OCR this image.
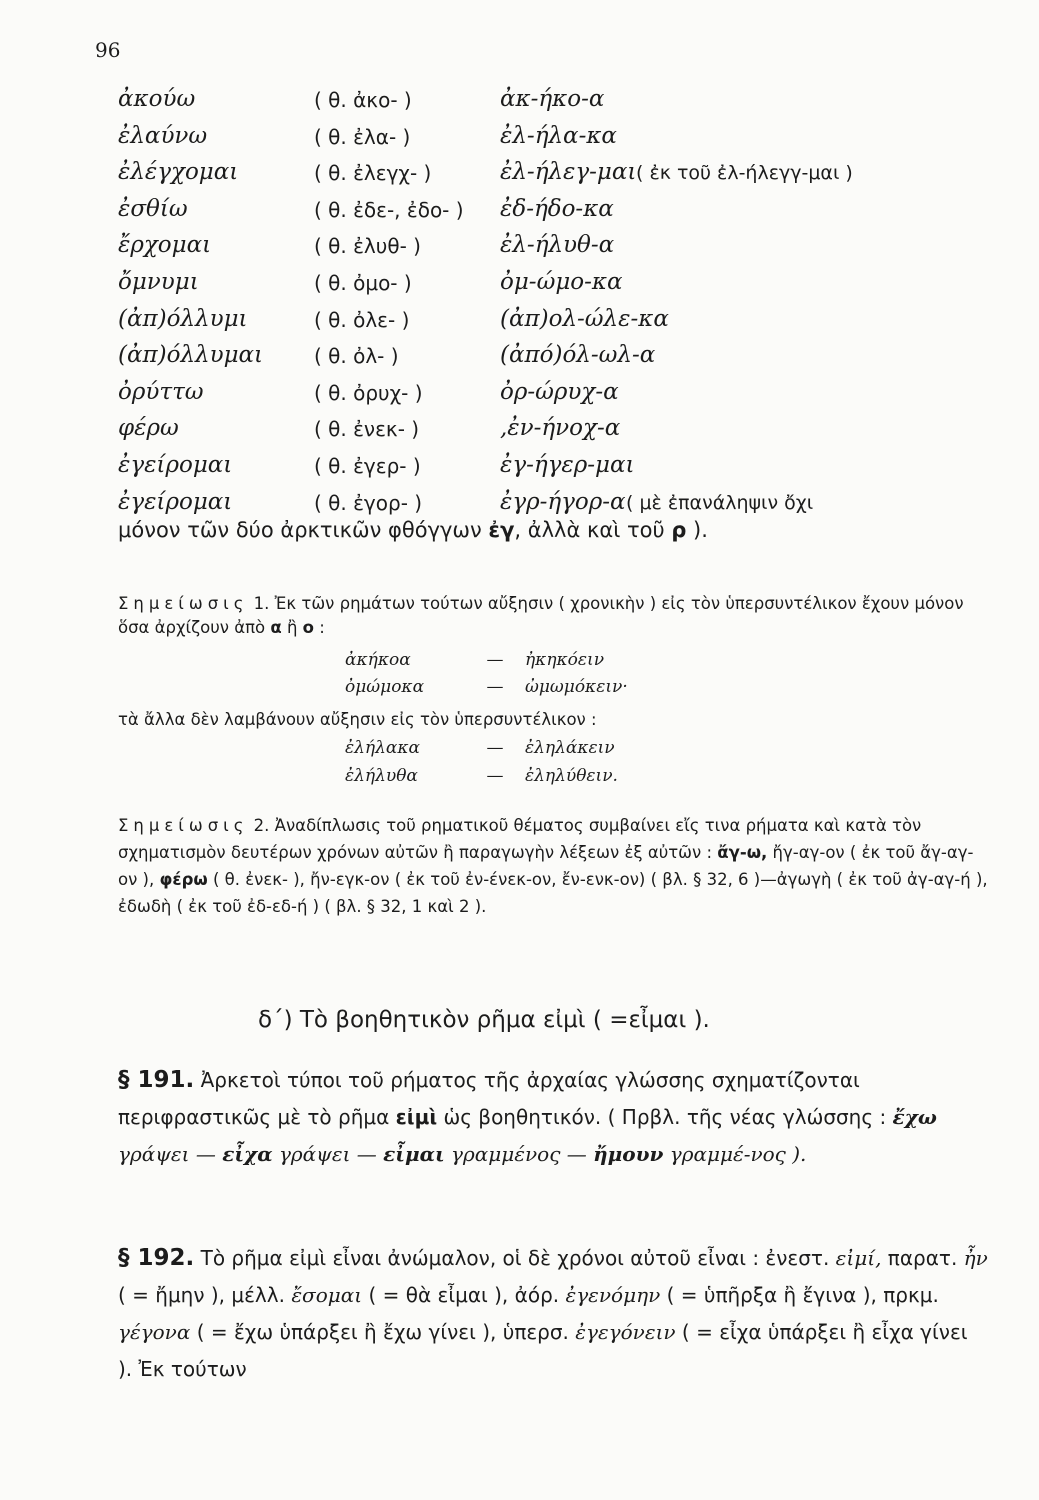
96
ἀκούω	( θ. ἀκο- )	ἀκ-ήκο-α
ἐλαύνω	( θ. ἐλα- )	ἐλ-ήλα-κα
ἐλέγχομαι	( θ. ἐλεγχ- )	ἐλ-ήλεγ-μαι ( ἐκ τοῦ ἐλ-ήλεγγ-μαι )
ἐσθίω	( θ. ἐδε-, ἐδο- ) ἐδ-ήδο-κα
ἔρχομαι	( θ. ἐλυθ- )	ἐλ-ήλυθ-α
ὄμνυμι	( θ. ὀμο- )	ὀμ-ώμο-κα
(ἀπ)όλλυμι	( θ. ὀλε- )	(ἀπ)ολ-ώλε-κα
(ἀπ)όλλυμαι	( θ. ὀλ- )	(ἀπό)όλ-ωλ-α
ὀρύττω	( θ. ὀρυχ- )	ὀρ-ώρυχ-α
φέρω	( θ. ἐνεκ- )	,ἐν-ήνοχ-α
ἐγείρομαι	( θ. ἐγερ- )	ἐγ-ήγερ-μαι
ἐγείρομαι	( θ. ἐγορ- )	ἐγρ-ήγορ-α ( μὲ ἐπανάληψιν ὄχι
μόνον τῶν δύο ἀρκτικῶν φθόγγων ἐγ, ἀλλὰ καὶ τοῦ ρ ).
Σημείωσις 1. Ἐκ τῶν ρημάτων τούτων αὔξησιν ( χρονικὴν ) εἰς τὸν ὑπερσυντέλικον ἔχουν μόνον ὅσα ἀρχίζουν ἀπὸ α ἢ ο :
ἀκήκοα	— ἠκηκόειν
ὀμώμοκα	— ὠμωμόκειν·
τὰ ἄλλα δὲν λαμβάνουν αὔξησιν εἰς τὸν ὑπερσυντέλικον :
ἐλήλακα	— ἐληλάκειν
ἐλήλυθα	— ἐληλύθειν.
Σημείωσις 2. Ἀναδίπλωσις τοῦ ρηματικοῦ θέματος συμβαίνει εἴς τινα ρήματα καὶ κατὰ τὸν σχηματισμὸν δευτέρων χρόνων αὐτῶν ἢ παραγωγὴν λέξεων ἐξ αὐτῶν : ἄγ-ω, ἤγ-αγ-ον ( ἐκ τοῦ ἄγ-αγ-ον ), φέρω ( θ. ἐνεκ- ), ἤν-εγκ-ον ( ἐκ τοῦ ἐν-ένεκ-ον, ἔν-ενκ-ον) ( βλ. § 32, 6 )—ἀγωγὴ ( ἐκ τοῦ ἀγ-αγ-ή ), ἐδωδὴ ( ἐκ τοῦ ἐδ-εδ-ή ) ( βλ. § 32, 1 καὶ 2 ).
δ΄) Τὸ βοηθητικὸν ρῆμα εἰμὶ ( =εἶμαι ).
§ 191. Ἀρκετοὶ τύποι τοῦ ρήματος τῆς ἀρχαίας γλώσσης σχηματίζονται περιφραστικῶς μὲ τὸ ρῆμα εἰμὶ ὡς βοηθητικόν. ( Πρβλ. τῆς νέας γλώσσης : ἔχω γράψει — εἶχα γράψει — εἶμαι γραμμένος — ἤμουν γραμμέ-νος ).
§ 192. Τὸ ρῆμα εἰμὶ εἶναι ἀνώμαλον, οἱ δὲ χρόνοι αὐτοῦ εἶναι : ἐνεστ. εἰμί, παρατ. ἦν ( = ἤμην ), μέλλ. ἔσομαι ( = θὰ εἶμαι ), ἀόρ. ἐγενόμην ( = ὑπῆρξα ἢ ἔγινα ), πρκμ. γέγονα ( = ἔχω ὑπάρξει ἢ ἔχω γίνει ), ὑπερσ. ἐγεγόνειν ( = εἶχα ὑπάρξει ἢ εἶχα γίνει ). Ἐκ τούτων
